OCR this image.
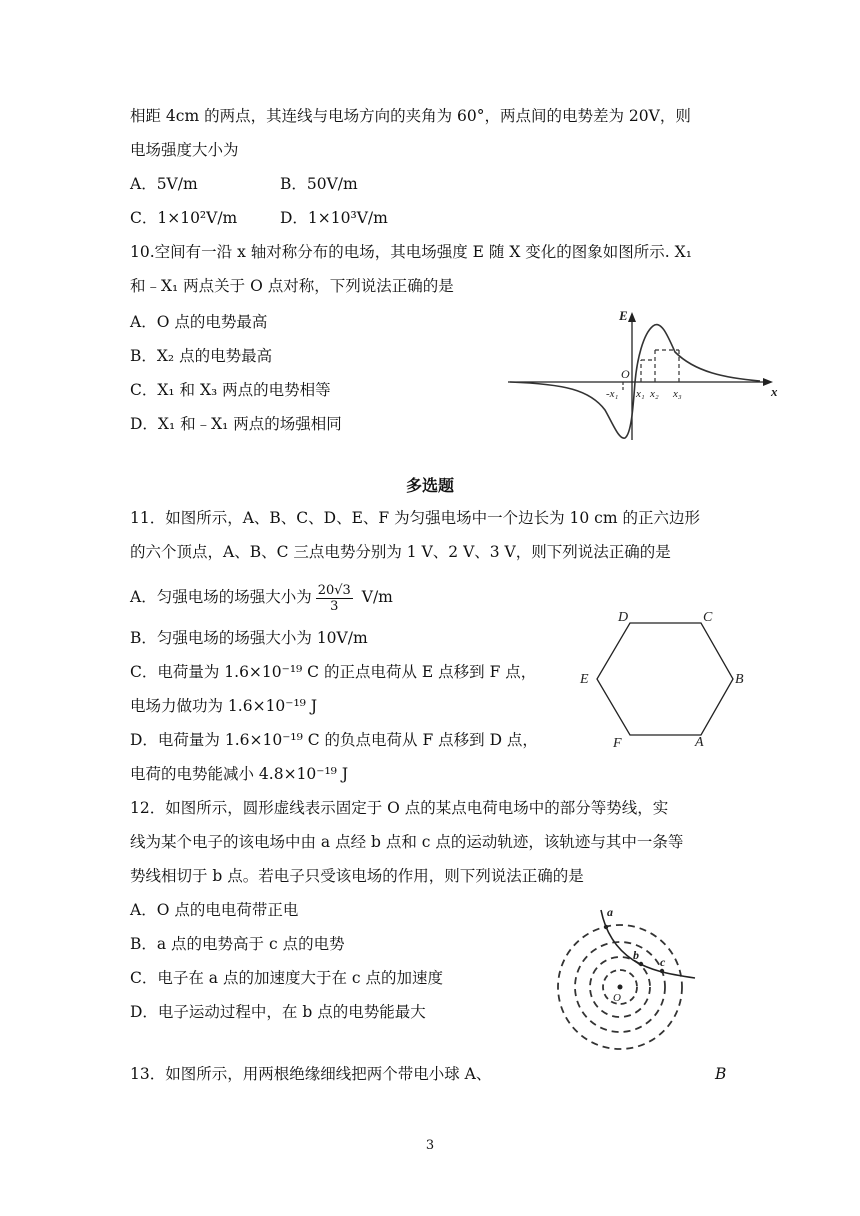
相距 4cm 的两点，其连线与电场方向的夹角为 60°，两点间的电势差为 20V，则
电场强度大小为
A．5V/m	B．50V/m
C．1×10²V/m	D．1×10³V/m
10.空间有一沿 x 轴对称分布的电场，其电场强度 E 随 X 变化的图象如图所示. X₁
和﹣X₁ 两点关于 O 点对称，下列说法正确的是
A．O 点的电势最高
B．X₂ 点的电势最高
C．X₁ 和 X₃ 两点的电势相等
D．X₁ 和﹣X₁ 两点的场强相同
E
O
x
-x₁ x₁ x₂ x₃
多选题
11．如图所示，A、B、C、D、E、F 为匀强电场中一个边长为 10 cm 的正六边形
的六个顶点，A、B、C 三点电势分别为 1 V、2 V、3 V，则下列说法正确的是
A．匀强电场的场强大小为 $\frac{20√3}{3} V/m$
B．匀强电场的场强大小为 10V/m
C．电荷量为 1.6×10⁻¹⁹ C 的正点电荷从 E 点移到 F 点，
电场力做功为 1.6×10⁻¹⁹ J
D．电荷量为 1.6×10⁻¹⁹ C 的负点电荷从 F 点移到 D 点，
电荷的电势能减小 4.8×10⁻¹⁹ J
D	C
B
E
F	A
12．如图所示，圆形虚线表示固定于 O 点的某点电荷电场中的部分等势线，实
线为某个电子的该电场中由 a 点经 b 点和 c 点的运动轨迹，该轨迹与其中一条等
势线相切于 b 点。若电子只受该电场的作用，则下列说法正确的是
A．O 点的电电荷带正电
B．a 点的电势高于 c 点的电势
C．电子在 a 点的加速度大于在 c 点的加速度
D．电子运动过程中，在 b 点的电势能最大
a
b c
O
13．如图所示，用两根绝缘细线把两个带电小球 A、	B
3
